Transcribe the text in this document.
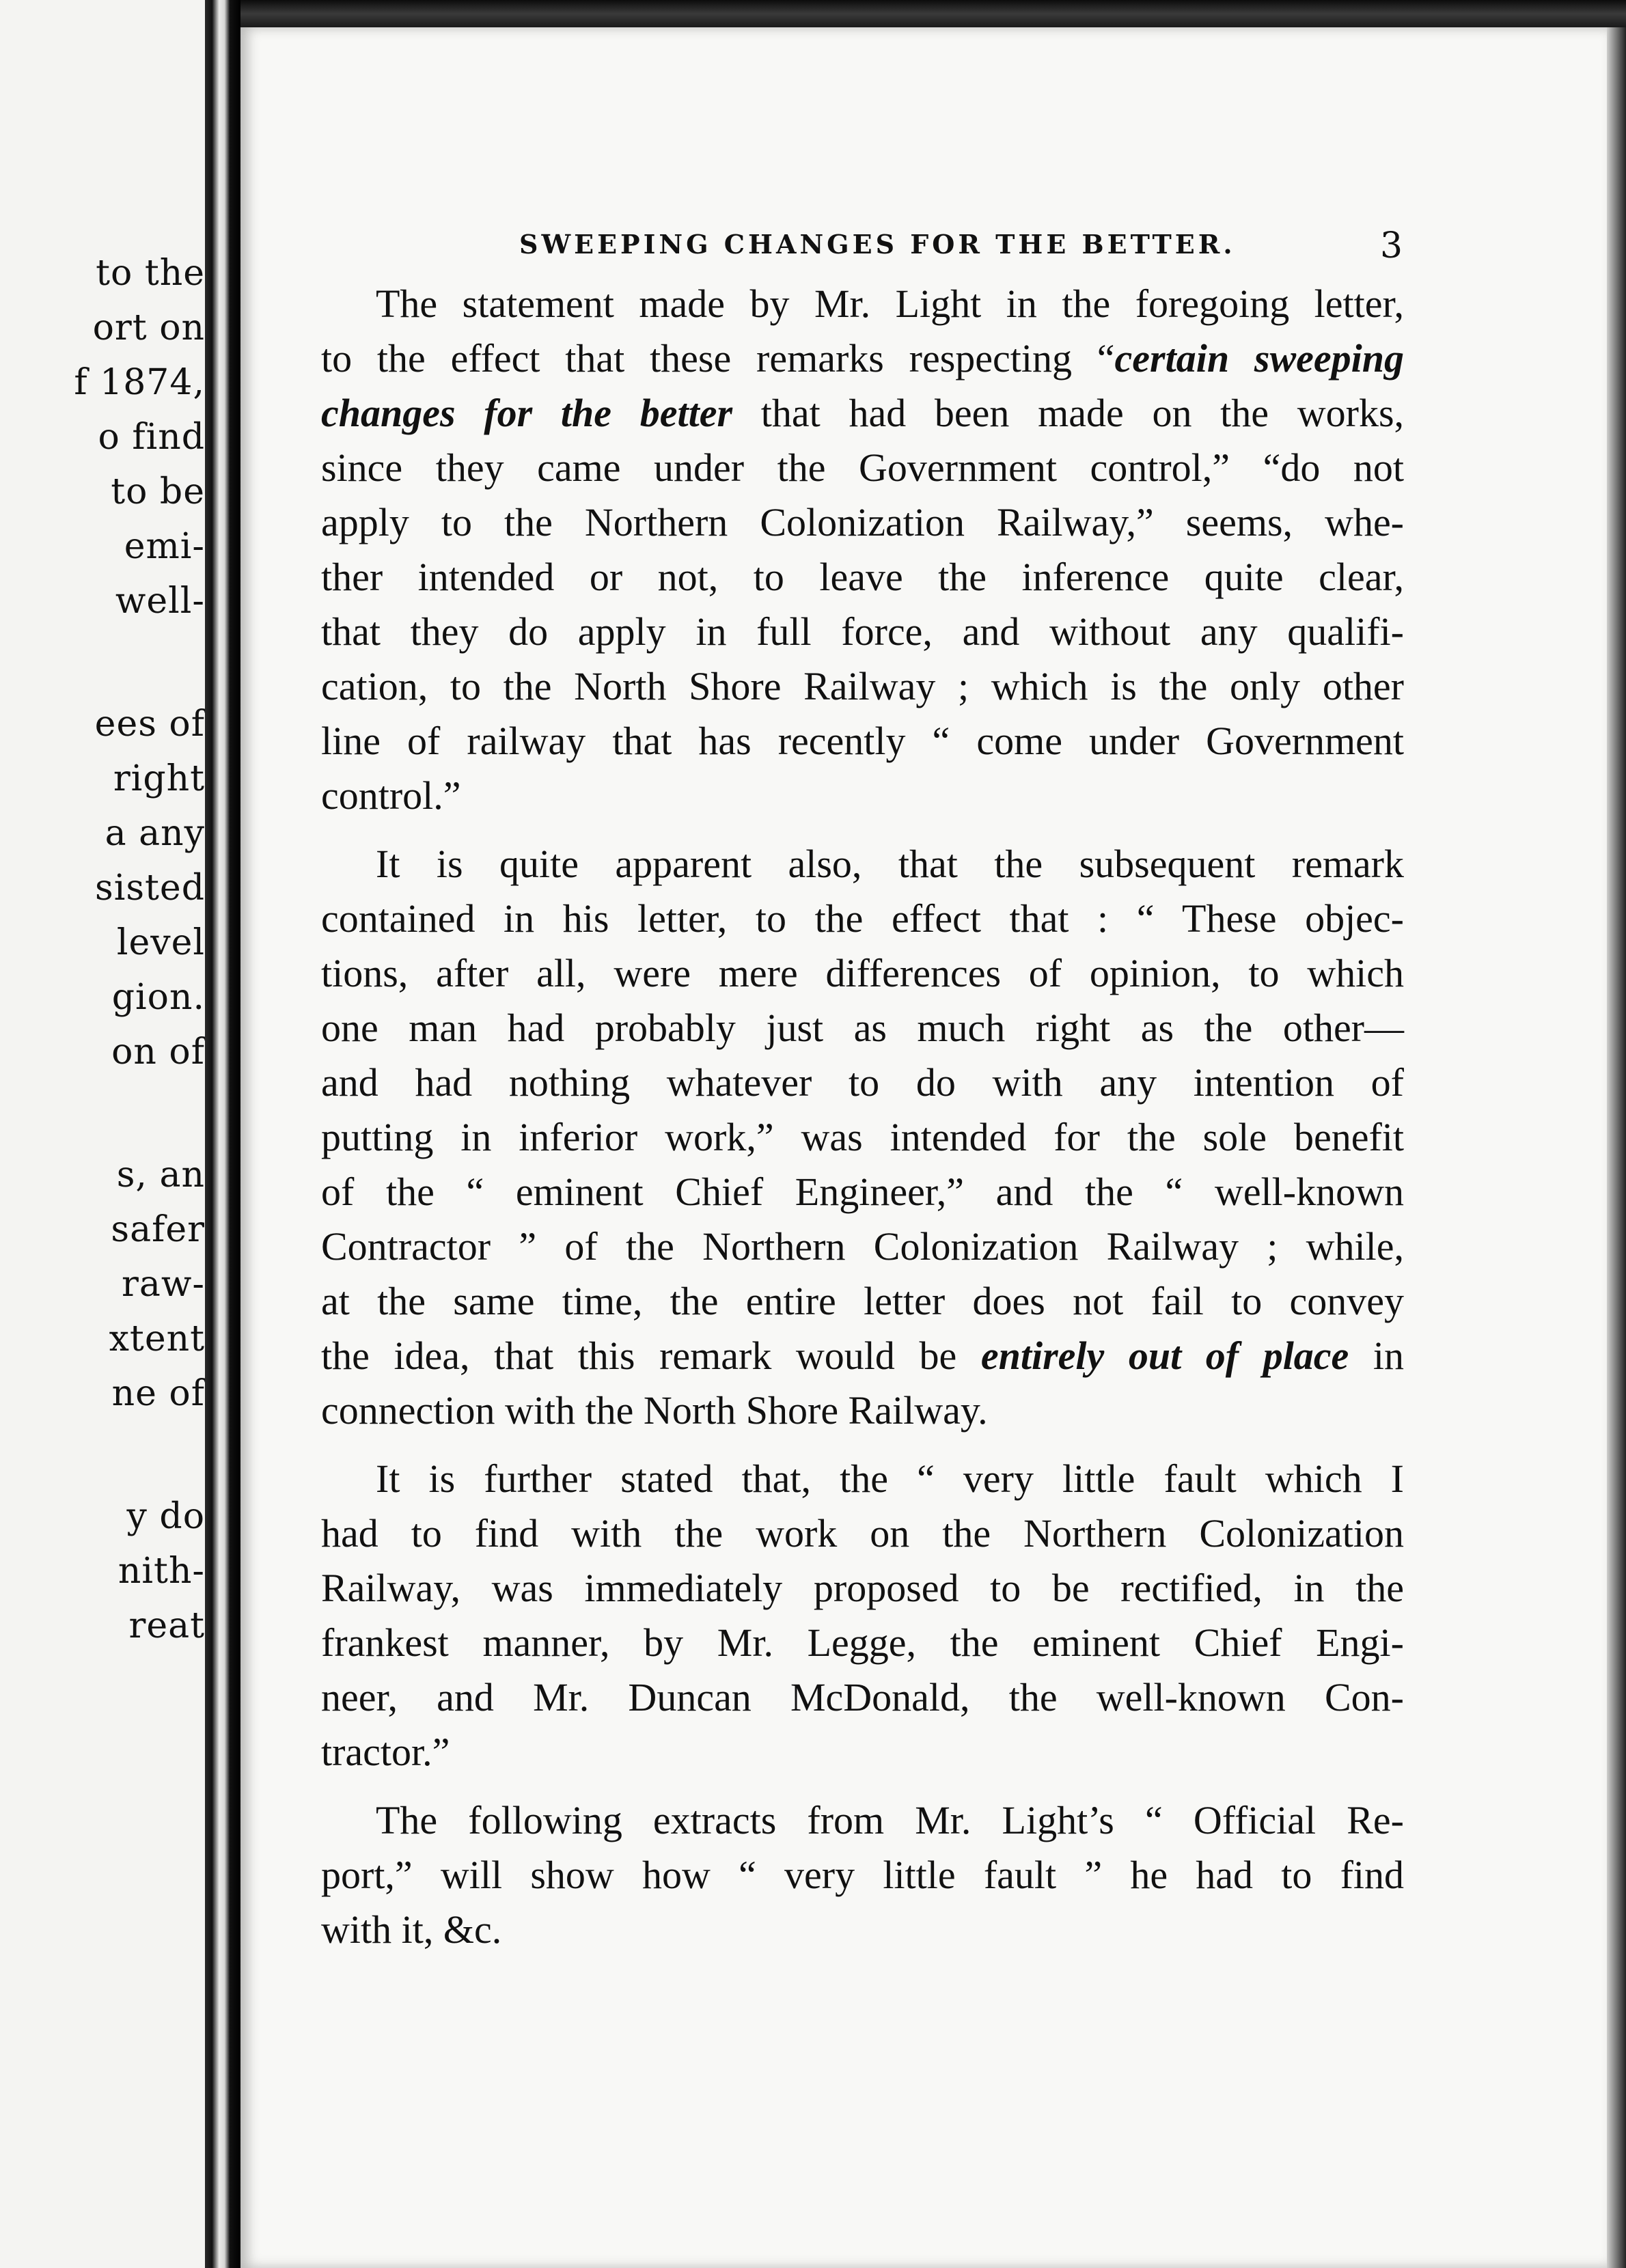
to the
ort on
f 1874,
o find
to be
emi-
well-
ees of
right
a any
sisted
level
gion.
on of
s, an
safer
raw-
xtent
ne of
y do
nith-
reat
SWEEPING CHANGES FOR THE BETTER.	3
The statement made by Mr. Light in the foregoing letter,
to the effect that these remarks respecting “certain sweeping
changes for the better that had been made on the works,
since they came under the Government control,” “do not
apply to the Northern Colonization Railway,” seems, whe-
ther intended or not, to leave the inference quite clear,
that they do apply in full force, and without any qualifi-
cation, to the North Shore Railway ; which is the only other
line of railway that has recently “ come under Government
control.”
It is quite apparent also, that the subsequent remark
contained in his letter, to the effect that : “ These objec-
tions, after all, were mere differences of opinion, to which
one man had probably just as much right as the other—
and had nothing whatever to do with any intention of
putting in inferior work,” was intended for the sole benefit
of the “ eminent Chief Engineer,” and the “ well-known
Contractor ” of the Northern Colonization Railway ; while,
at the same time, the entire letter does not fail to convey
the idea, that this remark would be entirely out of place in
connection with the North Shore Railway.
It is further stated that, the “ very little fault which I
had to find with the work on the Northern Colonization
Railway, was immediately proposed to be rectified, in the
frankest manner, by Mr. Legge, the eminent Chief Engi-
neer, and Mr. Duncan McDonald, the well-known Con-
tractor.”
The following extracts from Mr. Light’s “ Official Re-
port,” will show how “ very little fault ” he had to find
with it, &c.
